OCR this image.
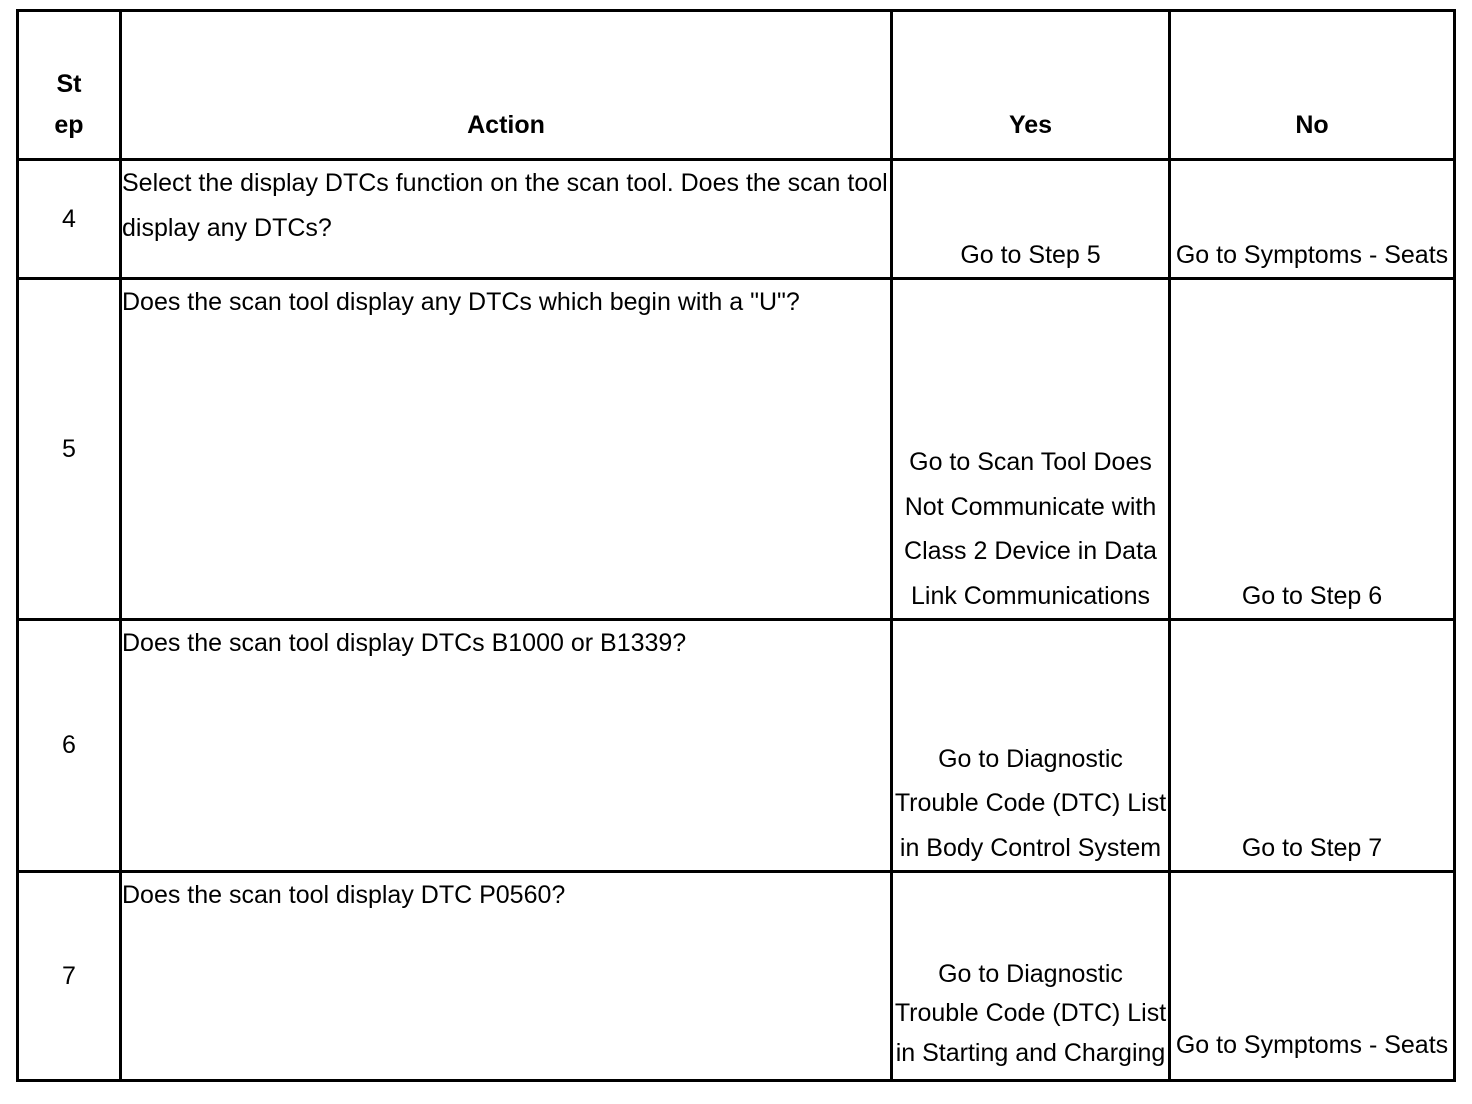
St
ep	Action	Yes	No

4	Select the display DTCs function on the scan tool. Does the scan tool display any DTCs?	Go to Step 5	Go to Symptoms - Seats
5	Does the scan tool display any DTCs which begin with a "U"?	Go to Scan Tool Does Not Communicate with Class 2 Device in Data Link Communications	Go to Step 6
6	Does the scan tool display DTCs B1000 or B1339?	Go to Diagnostic Trouble Code (DTC) List in Body Control System	Go to Step 7
7	Does the scan tool display DTC P0560?	Go to Diagnostic Trouble Code (DTC) List in Starting and Charging	Go to Symptoms - Seats
